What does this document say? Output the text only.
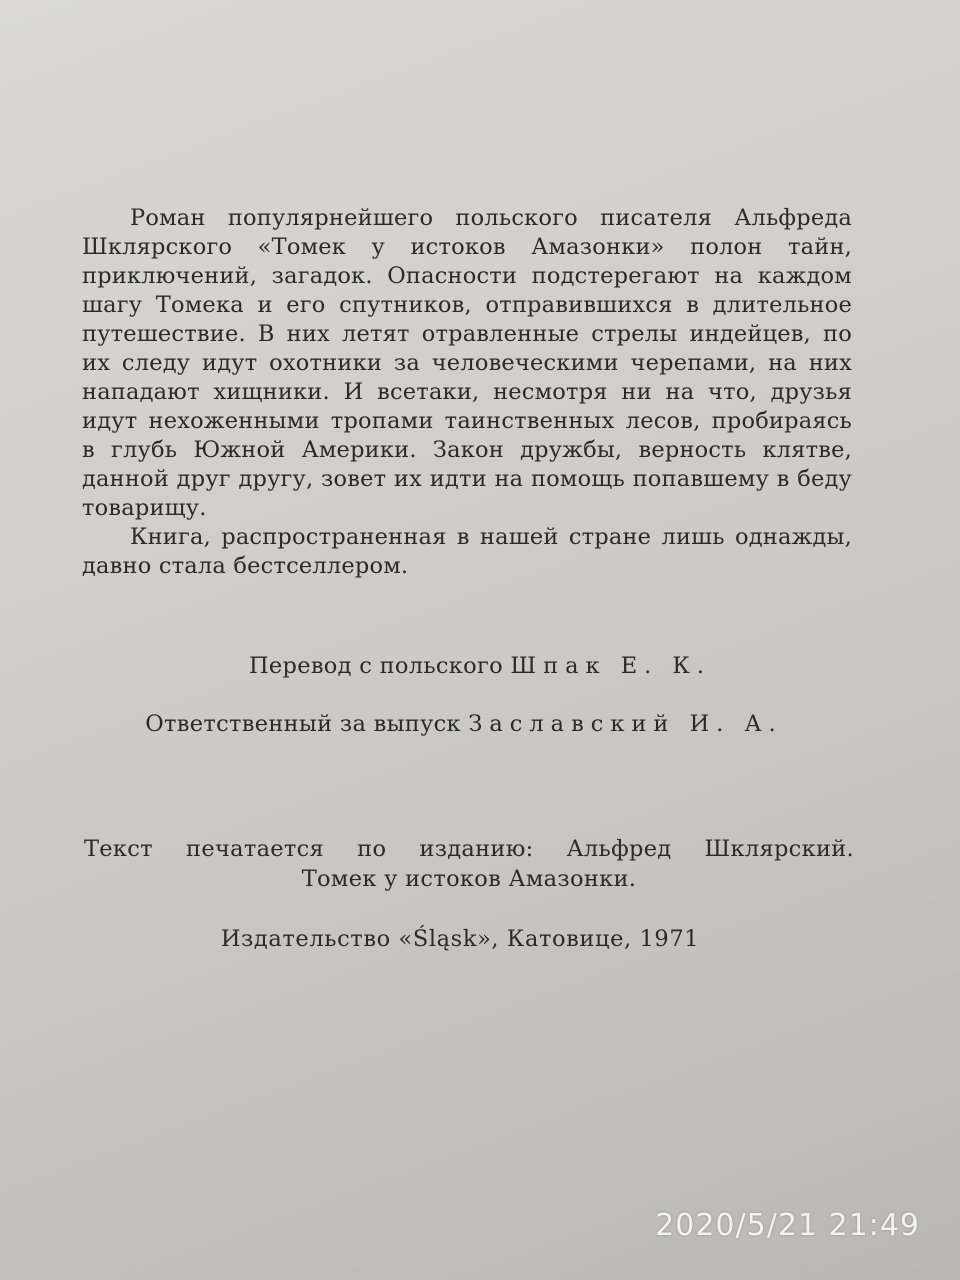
Роман популярнейшего польского писателя Альфреда Шклярского «Томек у истоков Амазонки» полон тайн, приключений, загадок. Опасности подстерегают на каждом шагу Томека и его спутников, отправившихся в длительное путешествие. В них летят отравленные стрелы индейцев, по их следу идут охотники за человеческими черепами, на них нападают хищники. И всетаки, несмотря ни на что, друзья идут нехоженными тропами таинственных лесов, пробираясь в глубь Южной Америки. Закон дружбы, верность клятве, данной друг другу, зовет их идти на помощь попавшему в беду товарищу.

Книга, распространенная в нашей стране лишь однажды, давно стала бестселлером.

Перевод с польского Шпак Е. К.
Ответственный за выпуск Заславский И. А.
Текст печатается по изданию: Альфред Шклярский.
Томек у истоков Амазонки.
Издательство «Śląsk», Катовице, 1971
2020/5/21 21:49
